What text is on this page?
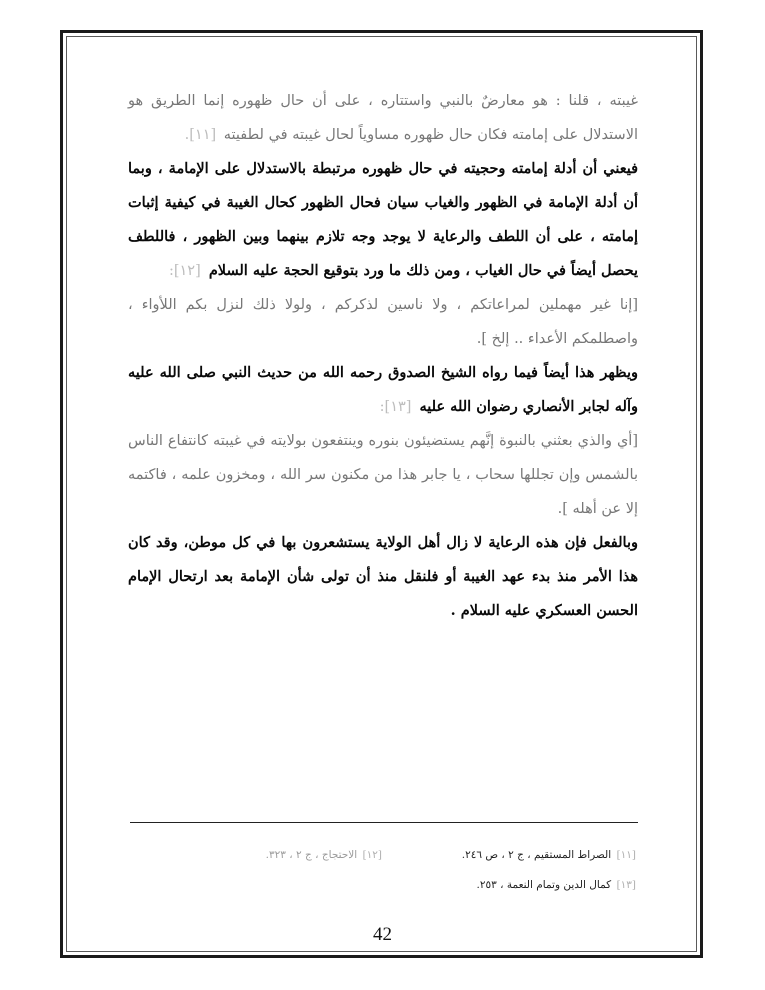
غيبته ، قلنا : هو معارضٌ بالنبي واستتاره ، على أن حال ظهوره إنما الطريق هو الاستدلال على إمامته فكان حال ظهوره مساوياً لحال غيبته في لطفيته [١١].

فيعني أن أدلة إمامته وحجيته في حال ظهوره مرتبطة بالاستدلال على الإمامة ، وبما أن أدلة الإمامة في الظهور والغياب سيان فحال الظهور كحال الغيبة في كيفية إثبات إمامته ، على أن اللطف والرعاية لا يوجد وجه تلازم بينهما وبين الظهور ، فاللطف يحصل أيضاً في حال الغياب ، ومن ذلك ما ورد بتوقيع الحجة عليه السلام [١٢]:

[إنا غير مهملين لمراعاتكم ، ولا ناسين لذكركم ، ولولا ذلك لنزل بكم اللأواء ، واصطلمكم الأعداء .. إلخ ].

ويظهر هذا أيضاً فيما رواه الشيخ الصدوق رحمه الله من حديث النبي صلى الله عليه وآله لجابر الأنصاري رضوان الله عليه [١٣]:

[أي والذي بعثني بالنبوة إنَّهم يستضيئون بنوره وينتفعون بولايته في غيبته كانتفاع الناس بالشمس وإن تجللها سحاب ، يا جابر هذا من مكنون سر الله ، ومخزون علمه ، فاكتمه إلا عن أهله ].

وبالفعل فإن هذه الرعاية لا زال أهل الولاية يستشعرون بها في كل موطن، وقد كان هذا الأمر منذ بدء عهد الغيبة أو فلنقل منذ أن تولى شأن الإمامة بعد ارتحال الإمام الحسن العسكري عليه السلام .

[١١] الصراط المستقيم ، ج ٢ ، ص ٢٤٦.
[١٢] الاحتجاج ، ج ٢ ، ٣٢٣.
[١٣] كمال الدين وتمام النعمة ، ٢٥٣.
42
